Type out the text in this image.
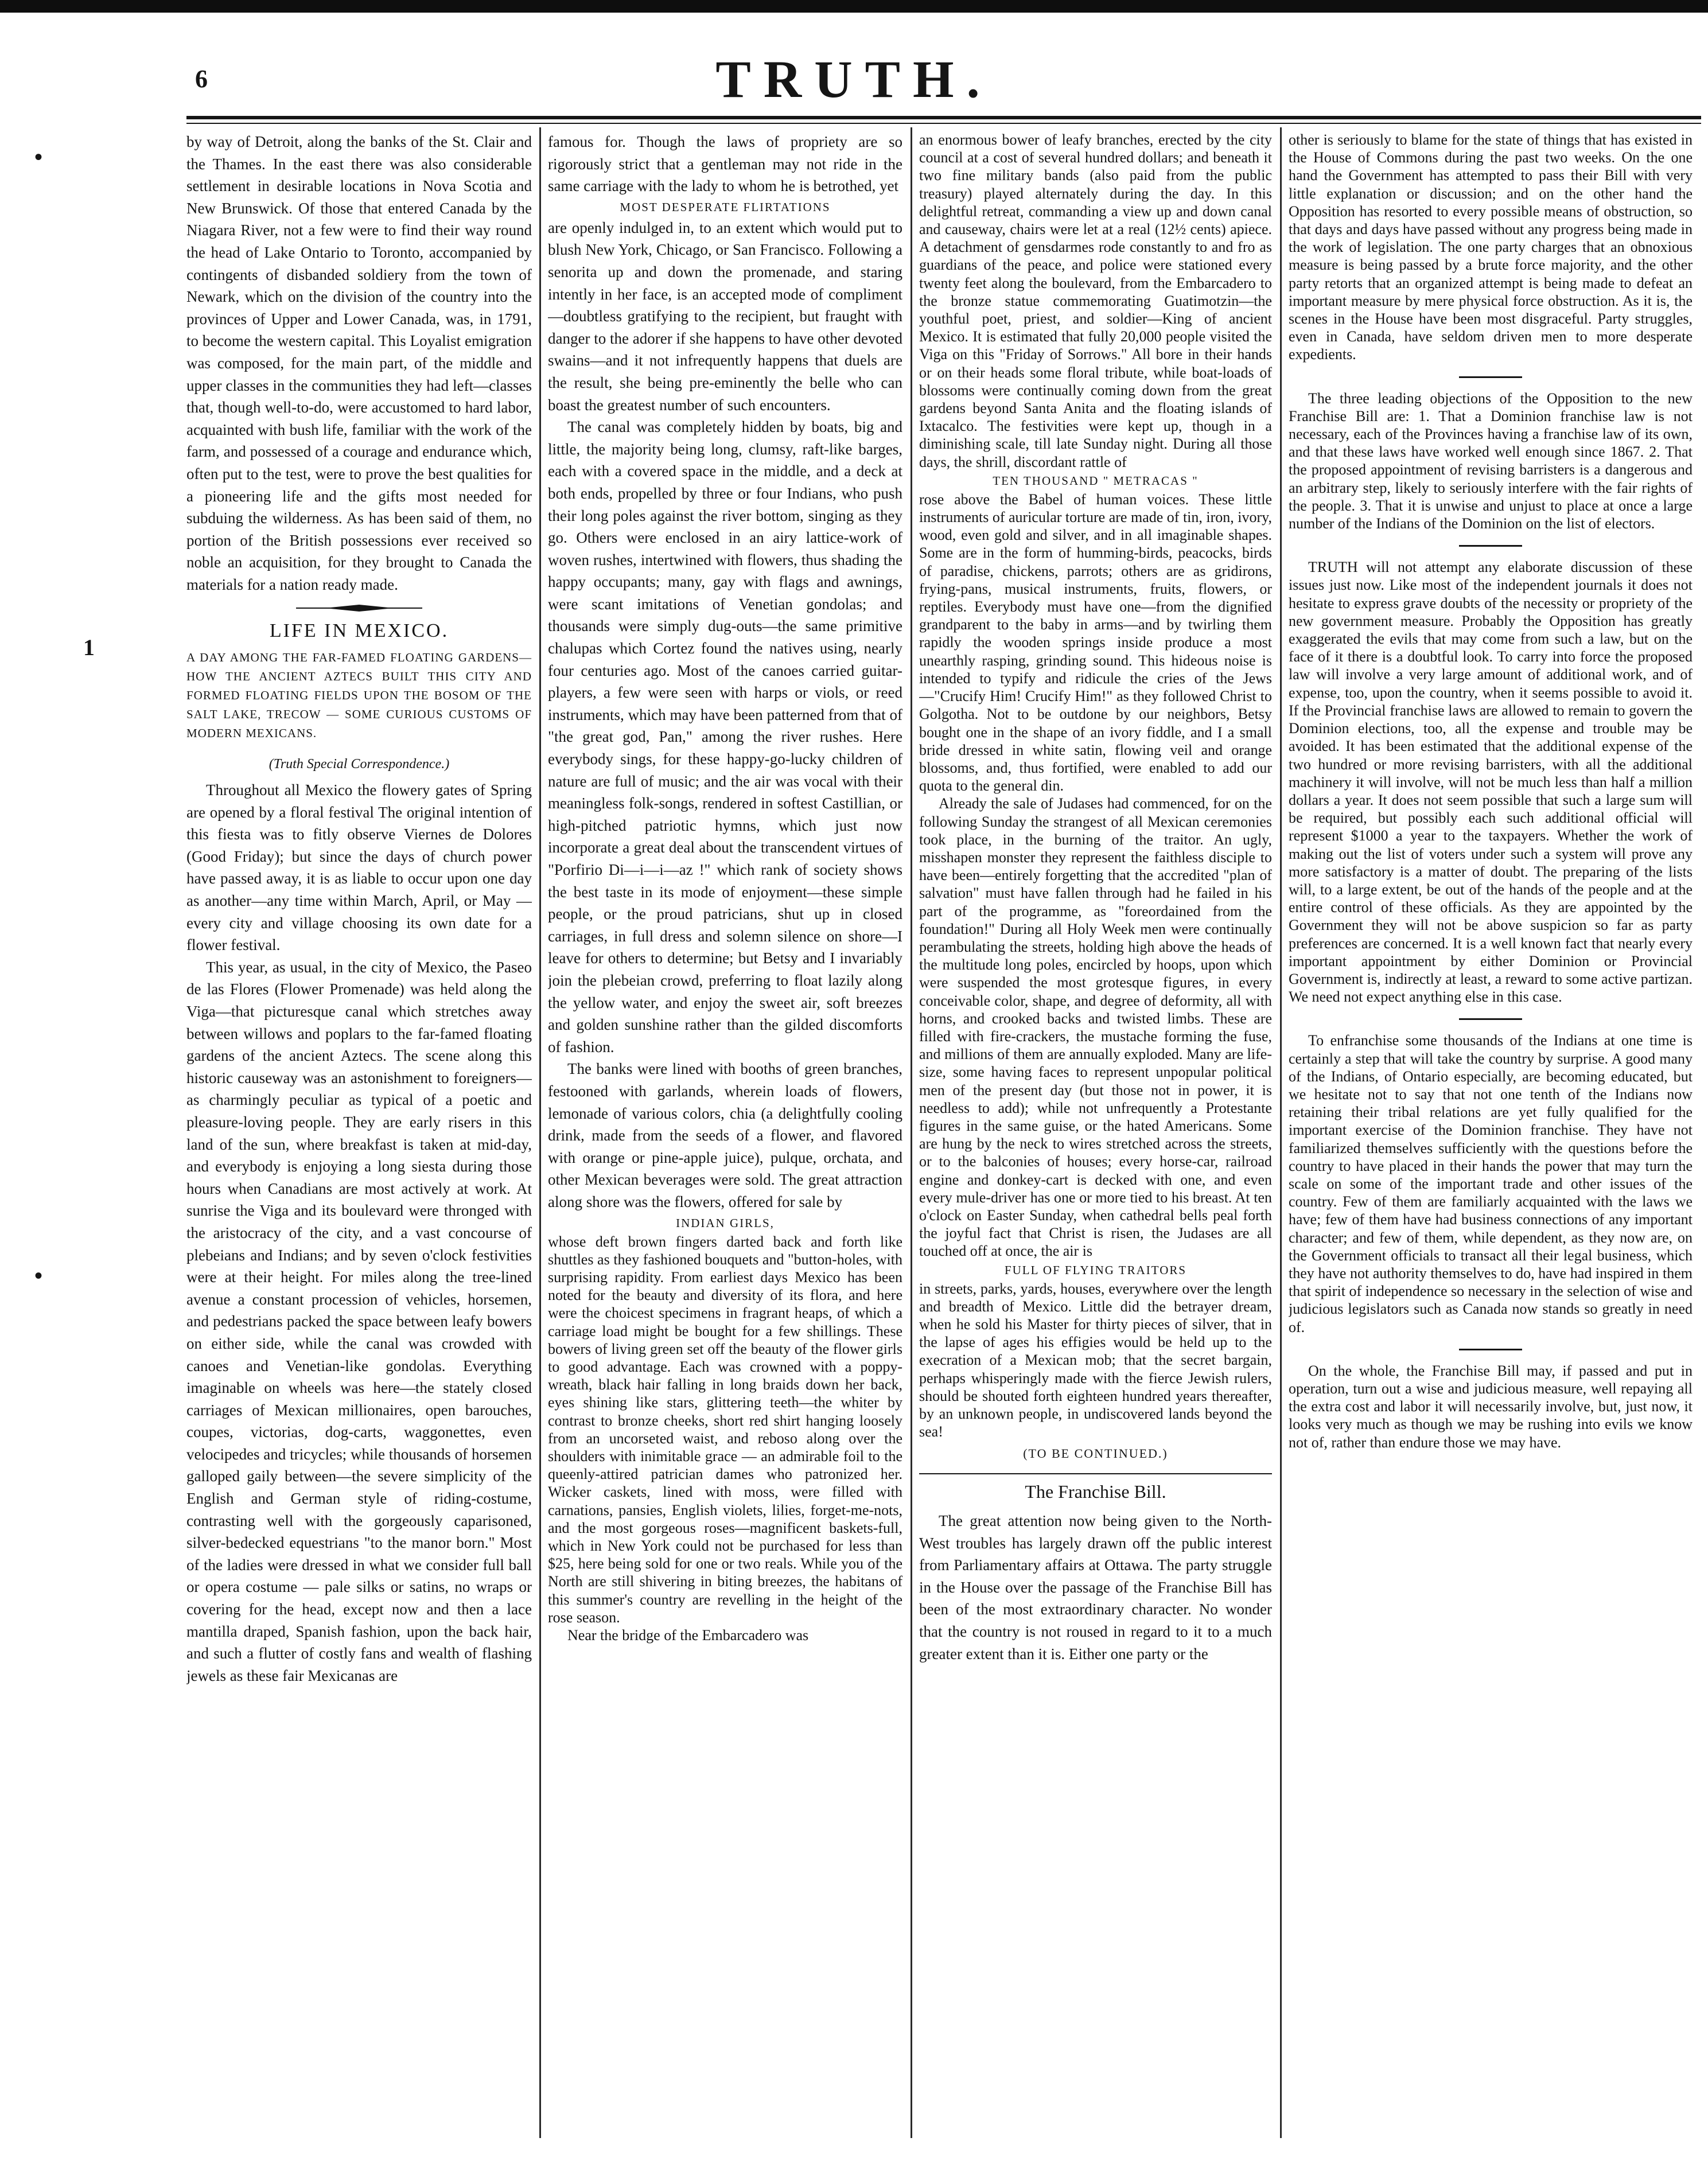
6	TRUTH.
•
•
1

by way of Detroit, along the banks of the St. Clair and the Thames. In the east there was also considerable settlement in desirable locations in Nova Scotia and New Brunswick. Of those that entered Canada by the Niagara River, not a few were to find their way round the head of Lake Ontario to Toronto, accompanied by contingents of disbanded soldiery from the town of Newark, which on the division of the country into the provinces of Upper and Lower Canada, was, in 1791, to become the western capital. This Loyalist emigration was composed, for the main part, of the middle and upper classes in the communities they had left—classes that, though well-to-do, were accustomed to hard labor, acquainted with bush life, familiar with the work of the farm, and possessed of a courage and endurance which, often put to the test, were to prove the best qualities for a pioneering life and the gifts most needed for subduing the wilderness. As has been said of them, no portion of the British possessions ever received so noble an acquisition, for they brought to Canada the materials for a nation ready made.

LIFE IN MEXICO.
A DAY AMONG THE FAR-FAMED FLOATING GARDENS—HOW THE ANCIENT AZTECS BUILT THIS CITY AND FORMED FLOATING FIELDS UPON THE BOSOM OF THE SALT LAKE, TRECOW — SOME CURIOUS CUSTOMS OF MODERN MEXICANS.
(Truth Special Correspondence.)

Throughout all Mexico the flowery gates of Spring are opened by a floral festival The original intention of this fiesta was to fitly observe Viernes de Dolores (Good Friday); but since the days of church power have passed away, it is as liable to occur upon one day as another—any time within March, April, or May — every city and village choosing its own date for a flower festival.

This year, as usual, in the city of Mexico, the Paseo de las Flores (Flower Promenade) was held along the Viga—that picturesque canal which stretches away between willows and poplars to the far-famed floating gardens of the ancient Aztecs. The scene along this historic causeway was an astonishment to foreigners—as charmingly peculiar as typical of a poetic and pleasure-loving people. They are early risers in this land of the sun, where breakfast is taken at mid-day, and everybody is enjoying a long siesta during those hours when Canadians are most actively at work. At sunrise the Viga and its boulevard were thronged with the aristocracy of the city, and a vast concourse of plebeians and Indians; and by seven o'clock festivities were at their height. For miles along the tree-lined avenue a constant procession of vehicles, horsemen, and pedestrians packed the space between leafy bowers on either side, while the canal was crowded with canoes and Venetian-like gondolas. Everything imaginable on wheels was here—the stately closed carriages of Mexican millionaires, open barouches, coupes, victorias, dog-carts, waggonettes, even velocipedes and tricycles; while thousands of horsemen galloped gaily between—the severe simplicity of the English and German style of riding-costume, contrasting well with the gorgeously caparisoned, silver-bedecked equestrians "to the manor born." Most of the ladies were dressed in what we consider full ball or opera costume — pale silks or satins, no wraps or covering for the head, except now and then a lace mantilla draped, Spanish fashion, upon the back hair, and such a flutter of costly fans and wealth of flashing jewels as these fair Mexicanas are

famous for. Though the laws of propriety are so rigorously strict that a gentleman may not ride in the same carriage with the lady to whom he is betrothed, yet

MOST DESPERATE FLIRTATIONS

are openly indulged in, to an extent which would put to blush New York, Chicago, or San Francisco. Following a senorita up and down the promenade, and staring intently in her face, is an accepted mode of compliment—doubtless gratifying to the recipient, but fraught with danger to the adorer if she happens to have other devoted swains—and it not infrequently happens that duels are the result, she being pre-eminently the belle who can boast the greatest number of such encounters.

The canal was completely hidden by boats, big and little, the majority being long, clumsy, raft-like barges, each with a covered space in the middle, and a deck at both ends, propelled by three or four Indians, who push their long poles against the river bottom, singing as they go. Others were enclosed in an airy lattice-work of woven rushes, intertwined with flowers, thus shading the happy occupants; many, gay with flags and awnings, were scant imitations of Venetian gondolas; and thousands were simply dug-outs—the same primitive chalupas which Cortez found the natives using, nearly four centuries ago. Most of the canoes carried guitar-players, a few were seen with harps or viols, or reed instruments, which may have been patterned from that of "the great god, Pan," among the river rushes. Here everybody sings, for these happy-go-lucky children of nature are full of music; and the air was vocal with their meaningless folk-songs, rendered in softest Castillian, or high-pitched patriotic hymns, which just now incorporate a great deal about the transcendent virtues of "Porfirio Di—i—i—az !" which rank of society shows the best taste in its mode of enjoyment—these simple people, or the proud patricians, shut up in closed carriages, in full dress and solemn silence on shore—I leave for others to determine; but Betsy and I invariably join the plebeian crowd, preferring to float lazily along the yellow water, and enjoy the sweet air, soft breezes and golden sunshine rather than the gilded discomforts of fashion.

The banks were lined with booths of green branches, festooned with garlands, wherein loads of flowers, lemonade of various colors, chia (a delightfully cooling drink, made from the seeds of a flower, and flavored with orange or pine-apple juice), pulque, orchata, and other Mexican beverages were sold. The great attraction along shore was the flowers, offered for sale by

INDIAN GIRLS,

whose deft brown fingers darted back and forth like shuttles as they fashioned bouquets and "button-holes, with surprising rapidity. From earliest days Mexico has been noted for the beauty and diversity of its flora, and here were the choicest specimens in fragrant heaps, of which a carriage load might be bought for a few shillings. These bowers of living green set off the beauty of the flower girls to good advantage. Each was crowned with a poppy-wreath, black hair falling in long braids down her back, eyes shining like stars, glittering teeth—the whiter by contrast to bronze cheeks, short red shirt hanging loosely from an uncorseted waist, and reboso along over the shoulders with inimitable grace — an admirable foil to the queenly-attired patrician dames who patronized her. Wicker caskets, lined with moss, were filled with carnations, pansies, English violets, lilies, forget-me-nots, and the most gorgeous roses—magnificent baskets-full, which in New York could not be purchased for less than $25, here being sold for one or two reals. While you of the North are still shivering in biting breezes, the habitans of this summer's country are revelling in the height of the rose season.

Near the bridge of the Embarcadero was

an enormous bower of leafy branches, erected by the city council at a cost of several hundred dollars; and beneath it two fine military bands (also paid from the public treasury) played alternately during the day. In this delightful retreat, commanding a view up and down canal and causeway, chairs were let at a real (12½ cents) apiece. A detachment of gensdarmes rode constantly to and fro as guardians of the peace, and police were stationed every twenty feet along the boulevard, from the Embarcadero to the bronze statue commemorating Guatimotzin—the youthful poet, priest, and soldier—King of ancient Mexico. It is estimated that fully 20,000 people visited the Viga on this "Friday of Sorrows." All bore in their hands or on their heads some floral tribute, while boat-loads of blossoms were continually coming down from the great gardens beyond Santa Anita and the floating islands of Ixtacalco. The festivities were kept up, though in a diminishing scale, till late Sunday night. During all those days, the shrill, discordant rattle of

TEN THOUSAND " METRACAS "

rose above the Babel of human voices. These little instruments of auricular torture are made of tin, iron, ivory, wood, even gold and silver, and in all imaginable shapes. Some are in the form of humming-birds, peacocks, birds of paradise, chickens, parrots; others are as gridirons, frying-pans, musical instruments, fruits, flowers, or reptiles. Everybody must have one—from the dignified grandparent to the baby in arms—and by twirling them rapidly the wooden springs inside produce a most unearthly rasping, grinding sound. This hideous noise is intended to typify and ridicule the cries of the Jews—"Crucify Him! Crucify Him!" as they followed Christ to Golgotha. Not to be outdone by our neighbors, Betsy bought one in the shape of an ivory fiddle, and I a small bride dressed in white satin, flowing veil and orange blossoms, and, thus fortified, were enabled to add our quota to the general din.

Already the sale of Judases had commenced, for on the following Sunday the strangest of all Mexican ceremonies took place, in the burning of the traitor. An ugly, misshapen monster they represent the faithless disciple to have been—entirely forgetting that the accredited "plan of salvation" must have fallen through had he failed in his part of the programme, as "foreordained from the foundation!" During all Holy Week men were continually perambulating the streets, holding high above the heads of the multitude long poles, encircled by hoops, upon which were suspended the most grotesque figures, in every conceivable color, shape, and degree of deformity, all with horns, and crooked backs and twisted limbs. These are filled with fire-crackers, the mustache forming the fuse, and millions of them are annually exploded. Many are life-size, some having faces to represent unpopular political men of the present day (but those not in power, it is needless to add); while not unfrequently a Protestante figures in the same guise, or the hated Americans. Some are hung by the neck to wires stretched across the streets, or to the balconies of houses; every horse-car, railroad engine and donkey-cart is decked with one, and even every mule-driver has one or more tied to his breast. At ten o'clock on Easter Sunday, when cathedral bells peal forth the joyful fact that Christ is risen, the Judases are all touched off at once, the air is

FULL OF FLYING TRAITORS

in streets, parks, yards, houses, everywhere over the length and breadth of Mexico. Little did the betrayer dream, when he sold his Master for thirty pieces of silver, that in the lapse of ages his effigies would be held up to the execration of a Mexican mob; that the secret bargain, perhaps whisperingly made with the fierce Jewish rulers, should be shouted forth eighteen hundred years thereafter, by an unknown people, in undiscovered lands beyond the sea!

(TO BE CONTINUED.)
The Franchise Bill.

The great attention now being given to the North-West troubles has largely drawn off the public interest from Parliamentary affairs at Ottawa. The party struggle in the House over the passage of the Franchise Bill has been of the most extraordinary character. No wonder that the country is not roused in regard to it to a much greater extent than it is. Either one party or the

other is seriously to blame for the state of things that has existed in the House of Commons during the past two weeks. On the one hand the Government has attempted to pass their Bill with very little explanation or discussion; and on the other hand the Opposition has resorted to every possible means of obstruction, so that days and days have passed without any progress being made in the work of legislation. The one party charges that an obnoxious measure is being passed by a brute force majority, and the other party retorts that an organized attempt is being made to defeat an important measure by mere physical force obstruction. As it is, the scenes in the House have been most disgraceful. Party struggles, even in Canada, have seldom driven men to more desperate expedients.

The three leading objections of the Opposition to the new Franchise Bill are: 1. That a Dominion franchise law is not necessary, each of the Provinces having a franchise law of its own, and that these laws have worked well enough since 1867. 2. That the proposed appointment of revising barristers is a dangerous and an arbitrary step, likely to seriously interfere with the fair rights of the people. 3. That it is unwise and unjust to place at once a large number of the Indians of the Dominion on the list of electors.

TRUTH will not attempt any elaborate discussion of these issues just now. Like most of the independent journals it does not hesitate to express grave doubts of the necessity or propriety of the new government measure. Probably the Opposition has greatly exaggerated the evils that may come from such a law, but on the face of it there is a doubtful look. To carry into force the proposed law will involve a very large amount of additional work, and of expense, too, upon the country, when it seems possible to avoid it. If the Provincial franchise laws are allowed to remain to govern the Dominion elections, too, all the expense and trouble may be avoided. It has been estimated that the additional expense of the two hundred or more revising barristers, with all the additional machinery it will involve, will not be much less than half a million dollars a year. It does not seem possible that such a large sum will be required, but possibly each such additional official will represent $1000 a year to the taxpayers. Whether the work of making out the list of voters under such a system will prove any more satisfactory is a matter of doubt. The preparing of the lists will, to a large extent, be out of the hands of the people and at the entire control of these officials. As they are appointed by the Government they will not be above suspicion so far as party preferences are concerned. It is a well known fact that nearly every important appointment by either Dominion or Provincial Government is, indirectly at least, a reward to some active partizan. We need not expect anything else in this case.

To enfranchise some thousands of the Indians at one time is certainly a step that will take the country by surprise. A good many of the Indians, of Ontario especially, are becoming educated, but we hesitate not to say that not one tenth of the Indians now retaining their tribal relations are yet fully qualified for the important exercise of the Dominion franchise. They have not familiarized themselves sufficiently with the questions before the country to have placed in their hands the power that may turn the scale on some of the important trade and other issues of the country. Few of them are familiarly acquainted with the laws we have; few of them have had business connections of any important character; and few of them, while dependent, as they now are, on the Government officials to transact all their legal business, which they have not authority themselves to do, have had inspired in them that spirit of independence so necessary in the selection of wise and judicious legislators such as Canada now stands so greatly in need of.

On the whole, the Franchise Bill may, if passed and put in operation, turn out a wise and judicious measure, well repaying all the extra cost and labor it will necessarily involve, but, just now, it looks very much as though we may be rushing into evils we know not of, rather than endure those we may have.
